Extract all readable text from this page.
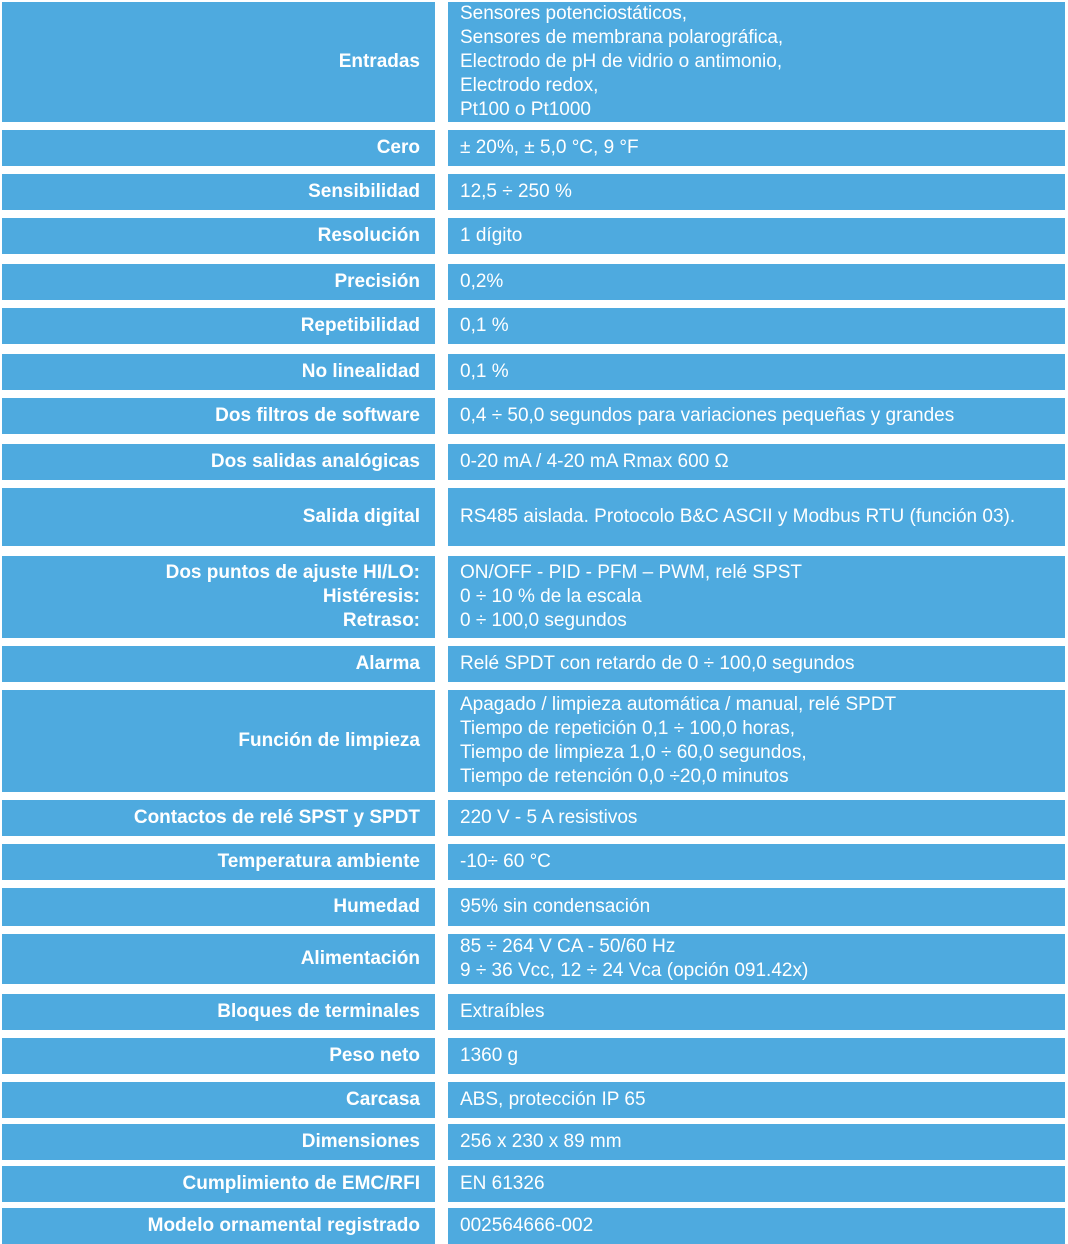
Entradas
Sensores potenciostáticos,
Sensores de membrana polarográfica,
Electrodo de pH de vidrio o antimonio,
Electrodo redox,
Pt100 o Pt1000
Cero ± 20%, ± 5,0 °C, 9 °F
Sensibilidad 12,5 ÷ 250 %
Resolución 1 dígito
Precisión 0,2%
Repetibilidad 0,1 %
No linealidad 0,1 %
Dos filtros de software 0,4 ÷ 50,0 segundos para variaciones pequeñas y grandes
Dos salidas analógicas 0-20 mA / 4-20 mA Rmax 600 Ω
Salida digital RS485 aislada. Protocolo B&C ASCII y Modbus RTU (función 03).
Dos puntos de ajuste HI/LO:
Histéresis:
Retraso:
ON/OFF - PID - PFM – PWM, relé SPST
0 ÷ 10 % de la escala
0 ÷ 100,0 segundos
Alarma Relé SPDT con retardo de 0 ÷ 100,0 segundos
Función de limpieza
Apagado / limpieza automática / manual, relé SPDT
Tiempo de repetición 0,1 ÷ 100,0 horas,
Tiempo de limpieza 1,0 ÷ 60,0 segundos,
Tiempo de retención 0,0 ÷20,0 minutos
Contactos de relé SPST y SPDT 220 V - 5 A resistivos
Temperatura ambiente -10÷ 60 °C
Humedad 95% sin condensación
Alimentación
85 ÷ 264 V CA - 50/60 Hz
9 ÷ 36 Vcc, 12 ÷ 24 Vca (opción 091.42x)
Bloques de terminales Extraíbles
Peso neto 1360 g
Carcasa ABS, protección IP 65
Dimensiones 256 x 230 x 89 mm
Cumplimiento de EMC/RFI EN 61326
Modelo ornamental registrado 002564666-002
